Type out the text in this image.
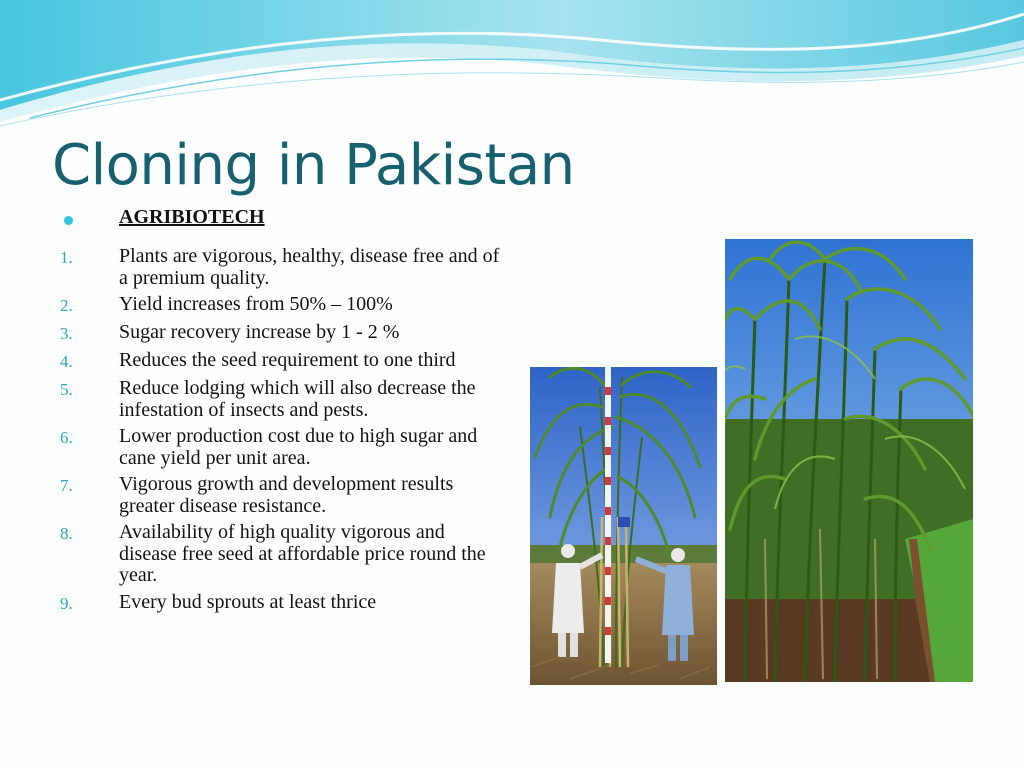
Cloning in Pakistan
AGRIBIOTECH
1.	Plants are vigorous, healthy, disease free and of a premium quality.
2.	Yield increases from 50% – 100%
3.	Sugar recovery increase by 1 - 2 %
4.	Reduces the seed requirement to one third
5.	Reduce lodging which will also decrease the infestation of insects and pests.
6.	Lower production cost due to high sugar and cane yield per unit area.
7.	Vigorous growth and development results greater disease resistance.
8.	Availability of high quality vigorous and disease free seed at affordable price round the year.
9.	Every bud sprouts at least thrice
